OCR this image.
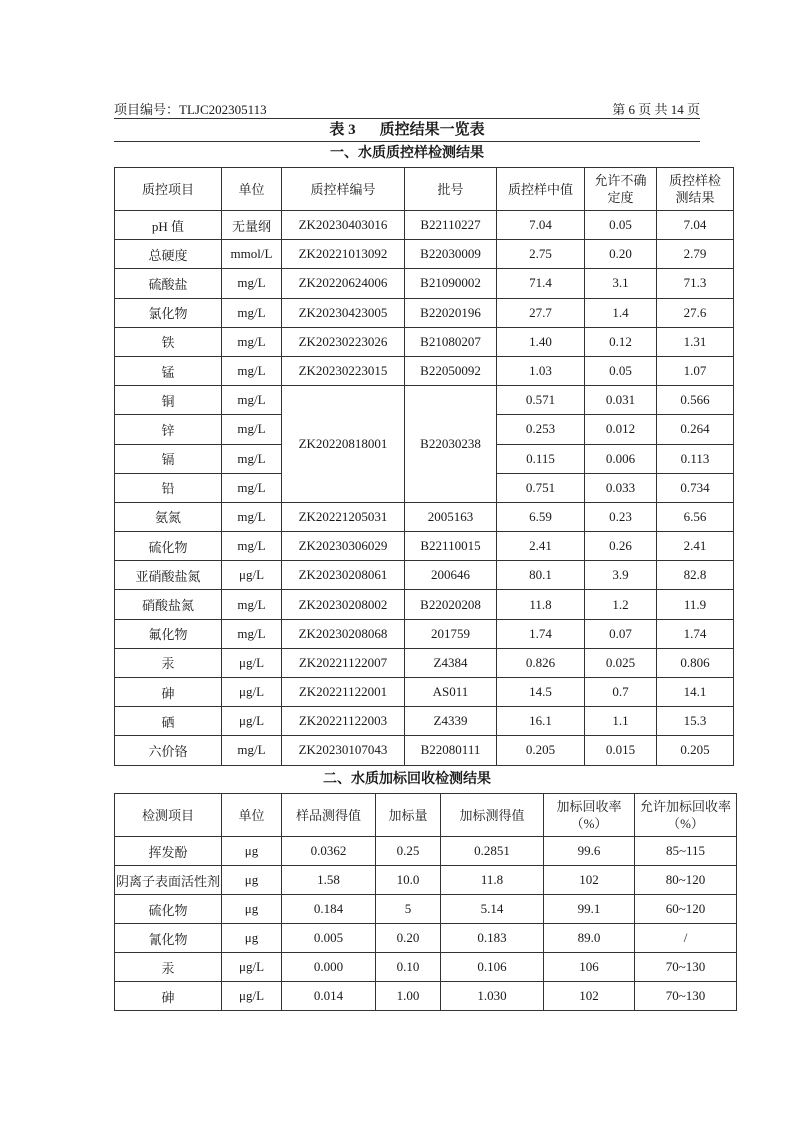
项目编号：TLJC202305113	第 6 页 共 14 页
表 3 质控结果一览表
一、水质质控样检测结果
质控项目	单位	质控样编号	批号	质控样中值	允许不确定度	质控样检测结果
pH 值	无量纲	ZK20230403016	B22110227	7.04	0.05	7.04
总硬度	mmol/L	ZK20221013092	B22030009	2.75	0.20	2.79
硫酸盐	mg/L	ZK20220624006	B21090002	71.4	3.1	71.3
氯化物	mg/L	ZK20230423005	B22020196	27.7	1.4	27.6
铁	mg/L	ZK20230223026	B21080207	1.40	0.12	1.31
锰	mg/L	ZK20230223015	B22050092	1.03	0.05	1.07
铜	mg/L	ZK20220818001	B22030238	0.571	0.031	0.566
锌	mg/L			0.253	0.012	0.264
镉	mg/L			0.115	0.006	0.113
铅	mg/L			0.751	0.033	0.734
氨氮	mg/L	ZK20221205031	2005163	6.59	0.23	6.56
硫化物	mg/L	ZK20230306029	B22110015	2.41	0.26	2.41
亚硝酸盐氮	μg/L	ZK20230208061	200646	80.1	3.9	82.8
硝酸盐氮	mg/L	ZK20230208002	B22020208	11.8	1.2	11.9
氟化物	mg/L	ZK20230208068	201759	1.74	0.07	1.74
汞	μg/L	ZK20221122007	Z4384	0.826	0.025	0.806
砷	μg/L	ZK20221122001	AS011	14.5	0.7	14.1
硒	μg/L	ZK20221122003	Z4339	16.1	1.1	15.3
六价铬	mg/L	ZK20230107043	B22080111	0.205	0.015	0.205
二、水质加标回收检测结果
检测项目	单位	样品测得值	加标量	加标测得值	加标回收率（%）	允许加标回收率（%）
挥发酚	μg	0.0362	0.25	0.2851	99.6	85~115
阴离子表面活性剂	μg	1.58	10.0	11.8	102	80~120
硫化物	μg	0.184	5	5.14	99.1	60~120
氰化物	μg	0.005	0.20	0.183	89.0	/
汞	μg/L	0.000	0.10	0.106	106	70~130
砷	μg/L	0.014	1.00	1.030	102	70~130
